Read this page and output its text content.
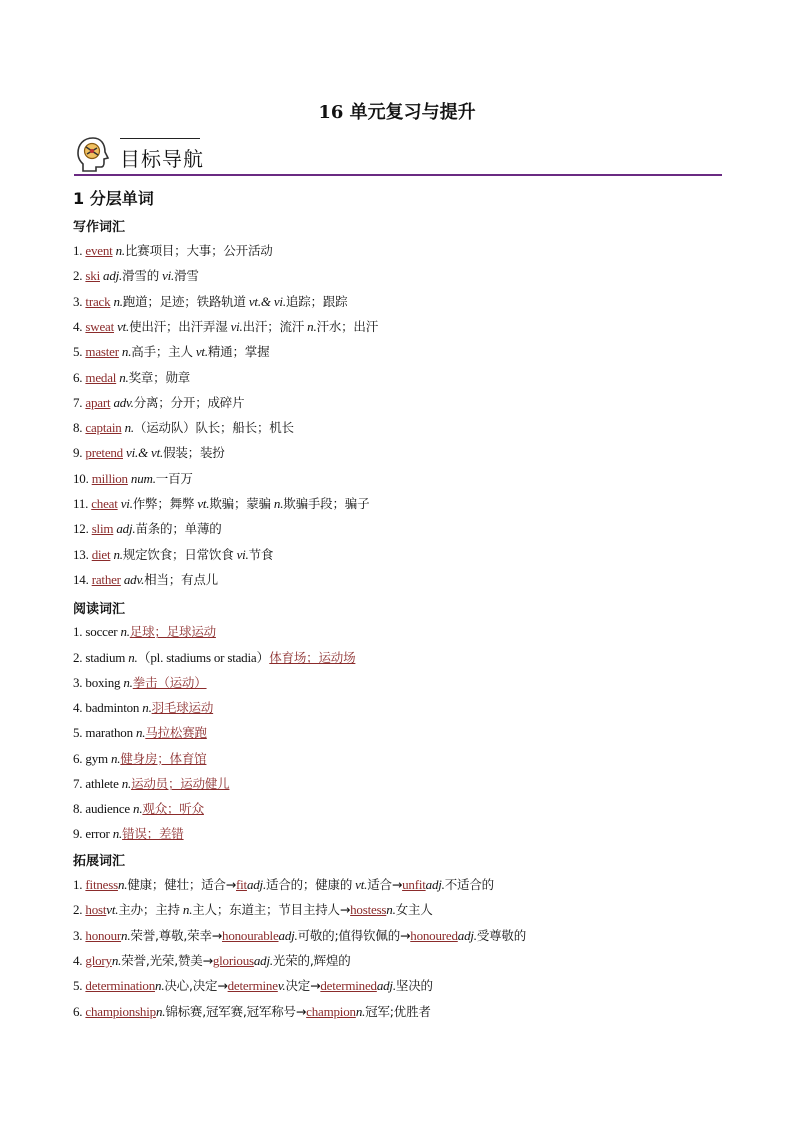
16 单元复习与提升
目标导航
1 分层单词
写作词汇
1. event n.比赛项目；大事；公开活动
2. ski adj.滑雪的 vi.滑雪
3. track n.跑道；足迹；铁路轨道 vt.& vi.追踪；跟踪
4. sweat vt.使出汗；出汗弄湿 vi.出汗；流汗 n.汗水；出汗
5. master n.高手；主人 vt.精通；掌握
6. medal n.奖章；勋章
7. apart adv.分离；分开；成碎片
8. captain n.（运动队）队长；船长；机长
9. pretend vi.& vt.假装；装扮
10. million num.一百万
11. cheat vi.作弊；舞弊 vt.欺骗；蒙骗 n.欺骗手段；骗子
12. slim adj.苗条的；单薄的
13. diet n.规定饮食；日常饮食 vi.节食
14. rather adv.相当；有点儿
阅读词汇
1. soccer n.足球；足球运动
2. stadium n.（pl. stadiums or stadia）体育场；运动场
3. boxing n.拳击（运动）
4. badminton n.羽毛球运动
5. marathon n.马拉松赛跑
6. gym n.健身房；体育馆
7. athlete n.运动员；运动健儿
8. audience n.观众；听众
9. error n.错误；差错
拓展词汇
1. fitnessn.健康；健壮；适合→fitadj.适合的；健康的 vt.适合→unfitadj.不适合的
2. hostvt.主办；主持 n.主人；东道主；节目主持人→hostessn.女主人
3. honourn.荣誉,尊敬,荣幸→honourableadj.可敬的;值得钦佩的→honouredadj.受尊敬的
4. gloryn.荣誉,光荣,赞美→gloriousadj.光荣的,辉煌的
5. determinationn.决心,决定→determinev.决定→determinedadj.坚决的
6. championshipn.锦标赛,冠军赛,冠军称号→championn.冠军;优胜者
